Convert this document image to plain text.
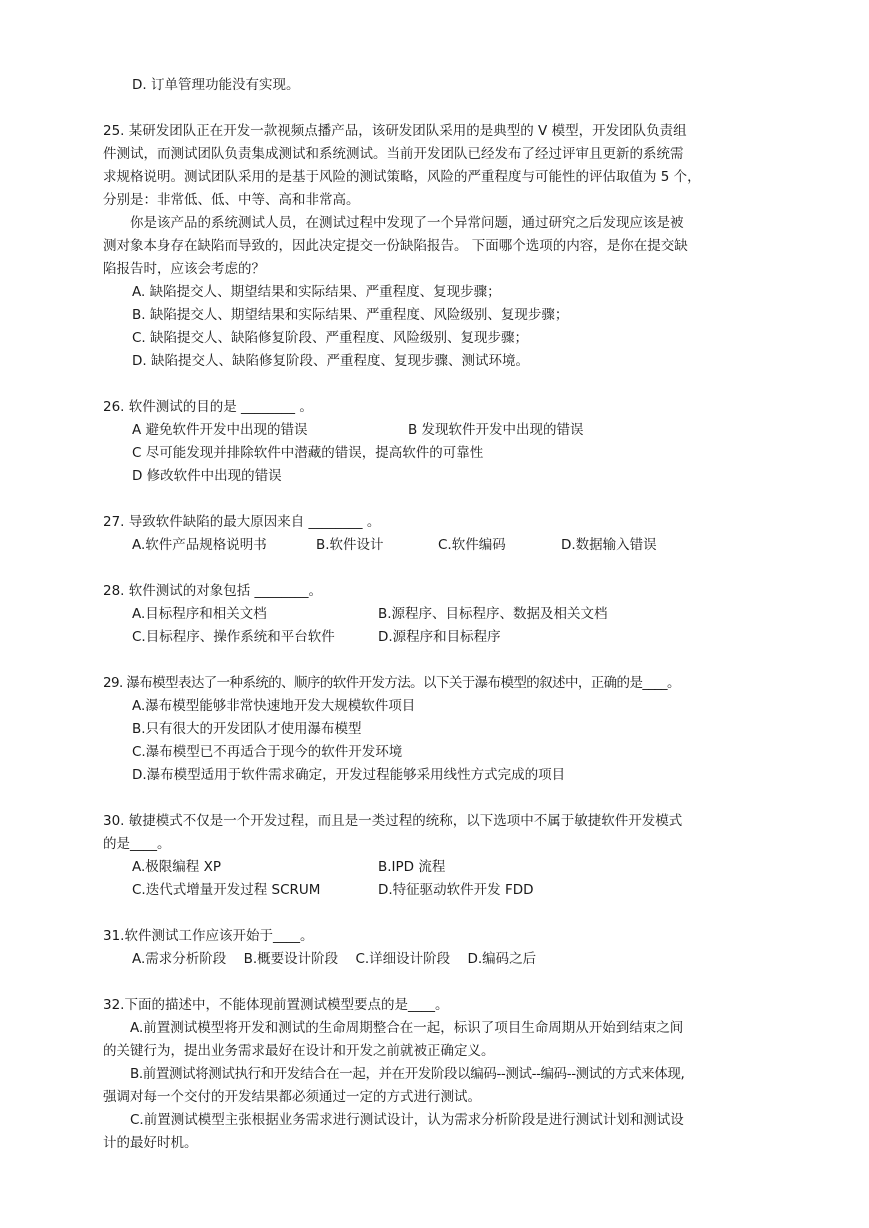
D. 订单管理功能没有实现。
25. 某研发团队正在开发一款视频点播产品，该研发团队采用的是典型的 V 模型，开发团队负责组
件测试，而测试团队负责集成测试和系统测试。当前开发团队已经发布了经过评审且更新的系统需
求规格说明。测试团队采用的是基于风险的测试策略，风险的严重程度与可能性的评估取值为 5 个，
分别是：非常低、低、中等、高和非常高。
你是该产品的系统测试人员，在测试过程中发现了一个异常问题，通过研究之后发现应该是被
测对象本身存在缺陷而导致的，因此决定提交一份缺陷报告。 下面哪个选项的内容，是你在提交缺
陷报告时，应该会考虑的？
A. 缺陷提交人、期望结果和实际结果、严重程度、复现步骤；
B. 缺陷提交人、期望结果和实际结果、严重程度、风险级别、复现步骤；
C. 缺陷提交人、缺陷修复阶段、严重程度、风险级别、复现步骤；
D. 缺陷提交人、缺陷修复阶段、严重程度、复现步骤、测试环境。
26. 软件测试的目的是 ________ 。
A 避免软件开发中出现的错误	B 发现软件开发中出现的错误
C 尽可能发现并排除软件中潜藏的错误，提高软件的可靠性
D 修改软件中出现的错误
27. 导致软件缺陷的最大原因来自 ________ 。
A.软件产品规格说明书	B.软件设计	C.软件编码	D.数据输入错误
28. 软件测试的对象包括 ________。
A.目标程序和相关文档	B.源程序、目标程序、数据及相关文档
C.目标程序、操作系统和平台软件	D.源程序和目标程序
29. 瀑布模型表达了一种系统的、顺序的软件开发方法。以下关于瀑布模型的叙述中，正确的是____。
A.瀑布模型能够非常快速地开发大规模软件项目
B.只有很大的开发团队才使用瀑布模型
C.瀑布模型已不再适合于现今的软件开发环境
D.瀑布模型适用于软件需求确定，开发过程能够采用线性方式完成的项目
30. 敏捷模式不仅是一个开发过程，而且是一类过程的统称，以下选项中不属于敏捷软件开发模式
的是____。
A.极限编程 XP	B.IPD 流程
C.迭代式增量开发过程 SCRUM	D.特征驱动软件开发 FDD
31.软件测试工作应该开始于____。
A.需求分析阶段 B.概要设计阶段 C.详细设计阶段 D.编码之后
32.下面的描述中，不能体现前置测试模型要点的是____。
A.前置测试模型将开发和测试的生命周期整合在一起，标识了项目生命周期从开始到结束之间
的关键行为，提出业务需求最好在设计和开发之前就被正确定义。
B.前置测试将测试执行和开发结合在一起，并在开发阶段以编码--测试--编码--测试的方式来体现,
强调对每一个交付的开发结果都必须通过一定的方式进行测试。
C.前置测试模型主张根据业务需求进行测试设计，认为需求分析阶段是进行测试计划和测试设
计的最好时机。
